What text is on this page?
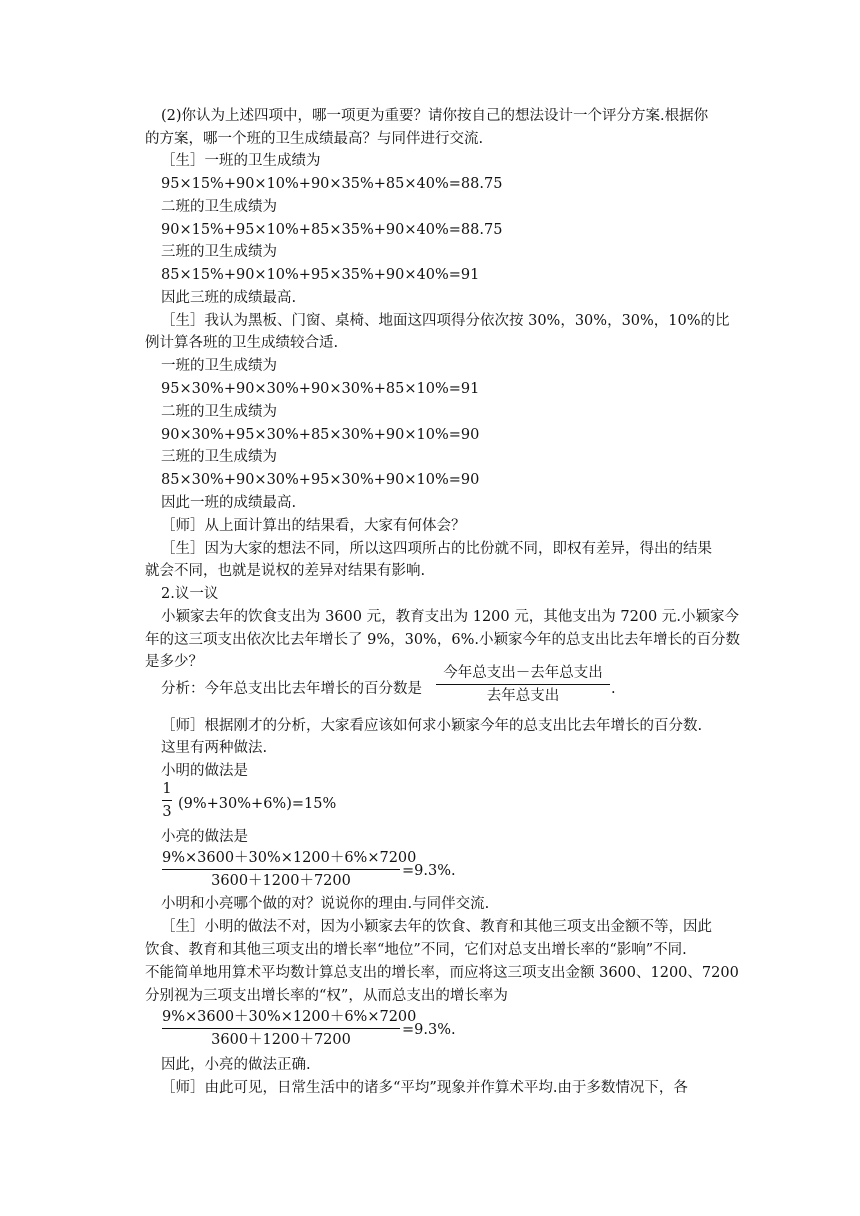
(2)你认为上述四项中，哪一项更为重要？请你按自己的想法设计一个评分方案.根据你
的方案，哪一个班的卫生成绩最高？与同伴进行交流.
［生］一班的卫生成绩为
95×15%+90×10%+90×35%+85×40%=88.75
二班的卫生成绩为
90×15%+95×10%+85×35%+90×40%=88.75
三班的卫生成绩为
85×15%+90×10%+95×35%+90×40%=91
因此三班的成绩最高.
［生］我认为黑板、门窗、桌椅、地面这四项得分依次按 30%，30%，30%，10%的比
例计算各班的卫生成绩较合适.
一班的卫生成绩为
95×30%+90×30%+90×30%+85×10%=91
二班的卫生成绩为
90×30%+95×30%+85×30%+90×10%=90
三班的卫生成绩为
85×30%+90×30%+95×30%+90×10%=90
因此一班的成绩最高.
［师］从上面计算出的结果看，大家有何体会？
［生］因为大家的想法不同，所以这四项所占的比份就不同，即权有差异，得出的结果
就会不同，也就是说权的差异对结果有影响.
2.议一议
小颖家去年的饮食支出为 3600 元，教育支出为 1200 元，其他支出为 7200 元.小颖家今
年的这三项支出依次比去年增长了 9%，30%，6%.小颖家今年的总支出比去年增长的百分数
是多少？
分析：今年总支出比去年增长的百分数是
今年总支出－去年总支出
去年总支出	.
［师］根据刚才的分析，大家看应该如何求小颖家今年的总支出比去年增长的百分数.
这里有两种做法.
小明的做法是
1
3 (9%+30%+6%)=15%
小亮的做法是
9%×3600＋30%×1200＋6%×7200
3600＋1200＋7200
=9.3%.
小明和小亮哪个做的对？说说你的理由.与同伴交流.
［生］小明的做法不对，因为小颖家去年的饮食、教育和其他三项支出金额不等，因此
饮食、教育和其他三项支出的增长率“地位”不同，它们对总支出增长率的“影响”不同.
不能简单地用算术平均数计算总支出的增长率，而应将这三项支出金额 3600、1200、7200
分别视为三项支出增长率的“权”，从而总支出的增长率为
9%×3600＋30%×1200＋6%×7200
3600＋1200＋7200
=9.3%.
因此，小亮的做法正确.
［师］由此可见，日常生活中的诸多“平均”现象并作算术平均.由于多数情况下，各
